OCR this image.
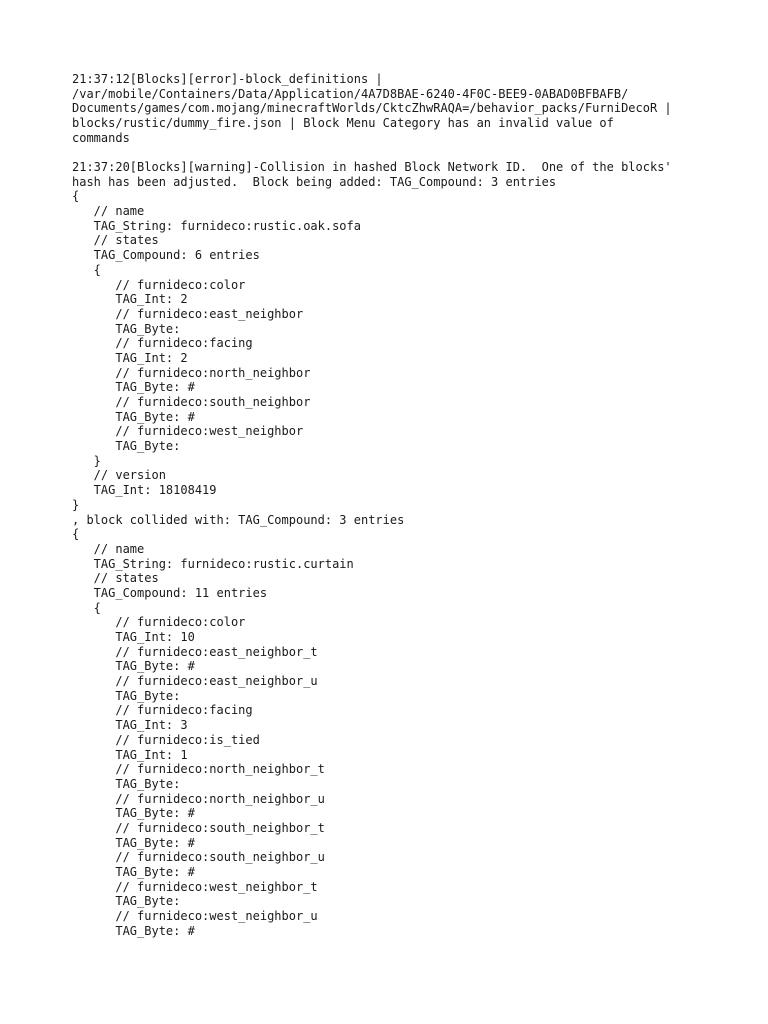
21:37:12[Blocks][error]-block_definitions |
/var/mobile/Containers/Data/Application/4A7D8BAE-6240-4F0C-BEE9-0ABAD0BFBAFB/
Documents/games/com.mojang/minecraftWorlds/CktcZhwRAQA=/behavior_packs/FurniDecoR |
blocks/rustic/dummy_fire.json | Block Menu Category has an invalid value of
commands
21:37:20[Blocks][warning]-Collision in hashed Block Network ID.  One of the blocks'
hash has been adjusted.  Block being added: TAG_Compound: 3 entries
{
// name
TAG_String: furnideco:rustic.oak.sofa
// states
TAG_Compound: 6 entries
{
// furnideco:color
TAG_Int: 2
// furnideco:east_neighbor
TAG_Byte:
// furnideco:facing
TAG_Int: 2
// furnideco:north_neighbor
TAG_Byte: #
// furnideco:south_neighbor
TAG_Byte: #
// furnideco:west_neighbor
TAG_Byte:
}
// version
TAG_Int: 18108419
}
, block collided with: TAG_Compound: 3 entries
{
// name
TAG_String: furnideco:rustic.curtain
// states
TAG_Compound: 11 entries
{
// furnideco:color
TAG_Int: 10
// furnideco:east_neighbor_t
TAG_Byte: #
// furnideco:east_neighbor_u
TAG_Byte:
// furnideco:facing
TAG_Int: 3
// furnideco:is_tied
TAG_Int: 1
// furnideco:north_neighbor_t
TAG_Byte:
// furnideco:north_neighbor_u
TAG_Byte: #
// furnideco:south_neighbor_t
TAG_Byte: #
// furnideco:south_neighbor_u
TAG_Byte: #
// furnideco:west_neighbor_t
TAG_Byte:
// furnideco:west_neighbor_u
TAG_Byte: #
